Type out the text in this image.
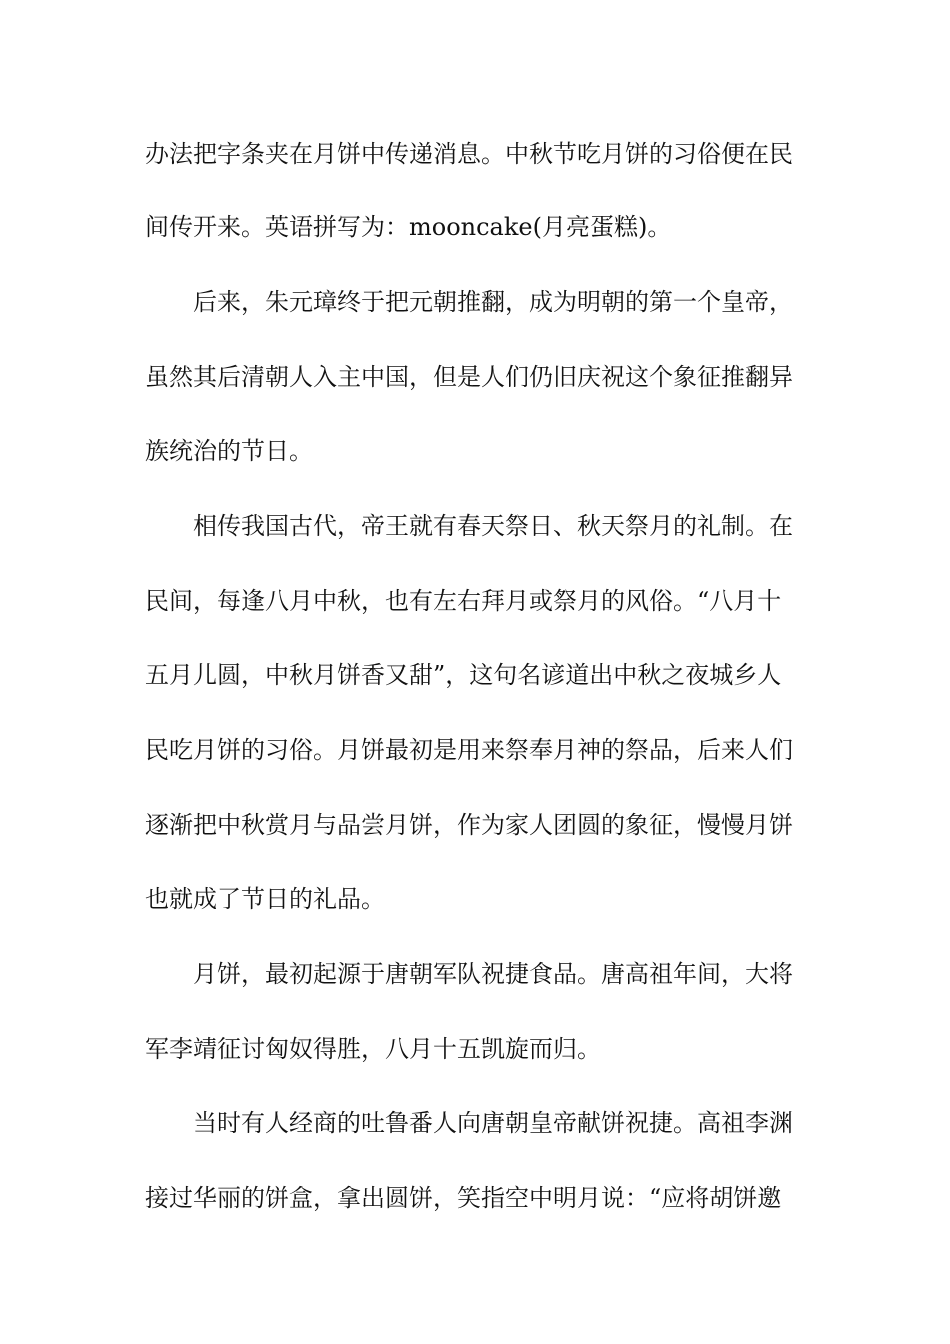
办法把字条夹在月饼中传递消息。中秋节吃月饼的习俗便在民
间传开来。英语拼写为：mooncake(月亮蛋糕)。
后来，朱元璋终于把元朝推翻，成为明朝的第一个皇帝，
虽然其后清朝人入主中国，但是人们仍旧庆祝这个象征推翻异
族统治的节日。
相传我国古代，帝王就有春天祭日、秋天祭月的礼制。在
民间，每逢八月中秋，也有左右拜月或祭月的风俗。“八月十
五月儿圆，中秋月饼香又甜”，这句名谚道出中秋之夜城乡人
民吃月饼的习俗。月饼最初是用来祭奉月神的祭品，后来人们
逐渐把中秋赏月与品尝月饼，作为家人团圆的象征，慢慢月饼
也就成了节日的礼品。
月饼，最初起源于唐朝军队祝捷食品。唐高祖年间，大将
军李靖征讨匈奴得胜，八月十五凯旋而归。
当时有人经商的吐鲁番人向唐朝皇帝献饼祝捷。高祖李渊
接过华丽的饼盒，拿出圆饼，笑指空中明月说：“应将胡饼邀
